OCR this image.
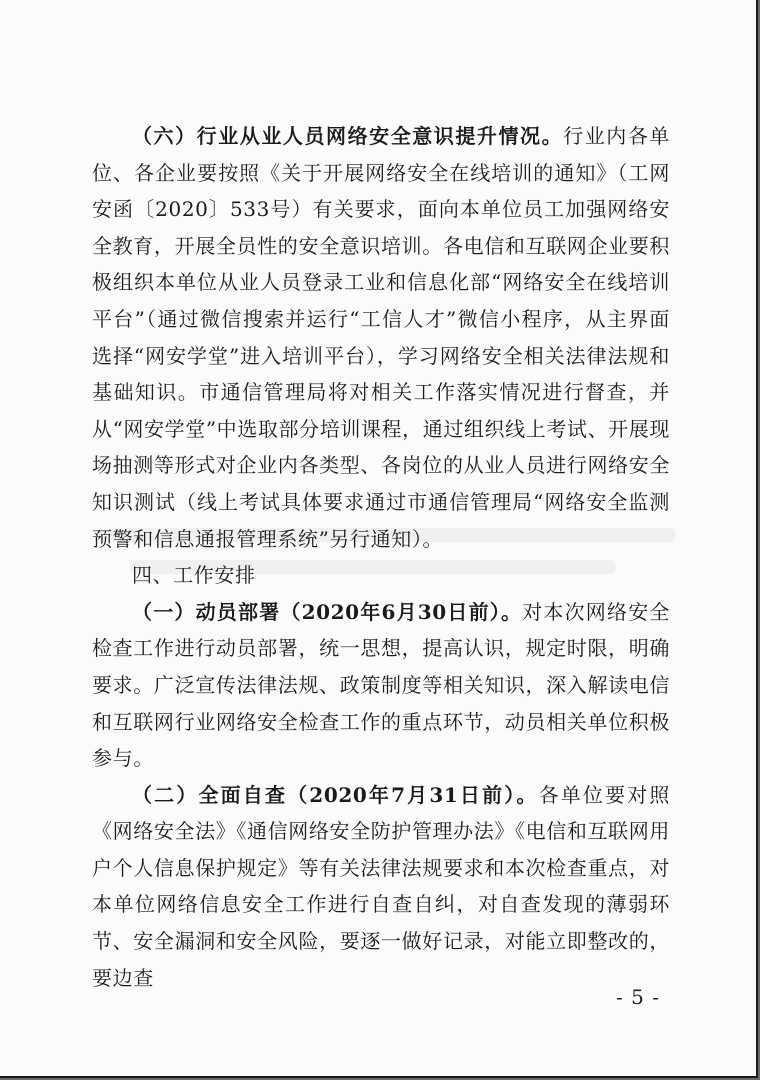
（六）行业从业人员网络安全意识提升情况。行业内各单位、各企业要按照《关于开展网络安全在线培训的通知》（工网安函〔2020〕533号）有关要求，面向本单位员工加强网络安全教育，开展全员性的安全意识培训。各电信和互联网企业要积极组织本单位从业人员登录工业和信息化部“网络安全在线培训平台”（通过微信搜索并运行“工信人才”微信小程序，从主界面选择“网安学堂”进入培训平台），学习网络安全相关法律法规和基础知识。市通信管理局将对相关工作落实情况进行督查，并从“网安学堂”中选取部分培训课程，通过组织线上考试、开展现场抽测等形式对企业内各类型、各岗位的从业人员进行网络安全知识测试（线上考试具体要求通过市通信管理局“网络安全监测预警和信息通报管理系统”另行通知）。

四、工作安排

（一）动员部署（2020年6月30日前）。对本次网络安全检查工作进行动员部署，统一思想，提高认识，规定时限，明确要求。广泛宣传法律法规、政策制度等相关知识，深入解读电信和互联网行业网络安全检查工作的重点环节，动员相关单位积极参与。

（二）全面自查（2020年7月31日前）。各单位要对照《网络安全法》《通信网络安全防护管理办法》《电信和互联网用户个人信息保护规定》等有关法律法规要求和本次检查重点，对本单位网络信息安全工作进行自查自纠，对自查发现的薄弱环节、安全漏洞和安全风险，要逐一做好记录，对能立即整改的，要边查

- 5 -
